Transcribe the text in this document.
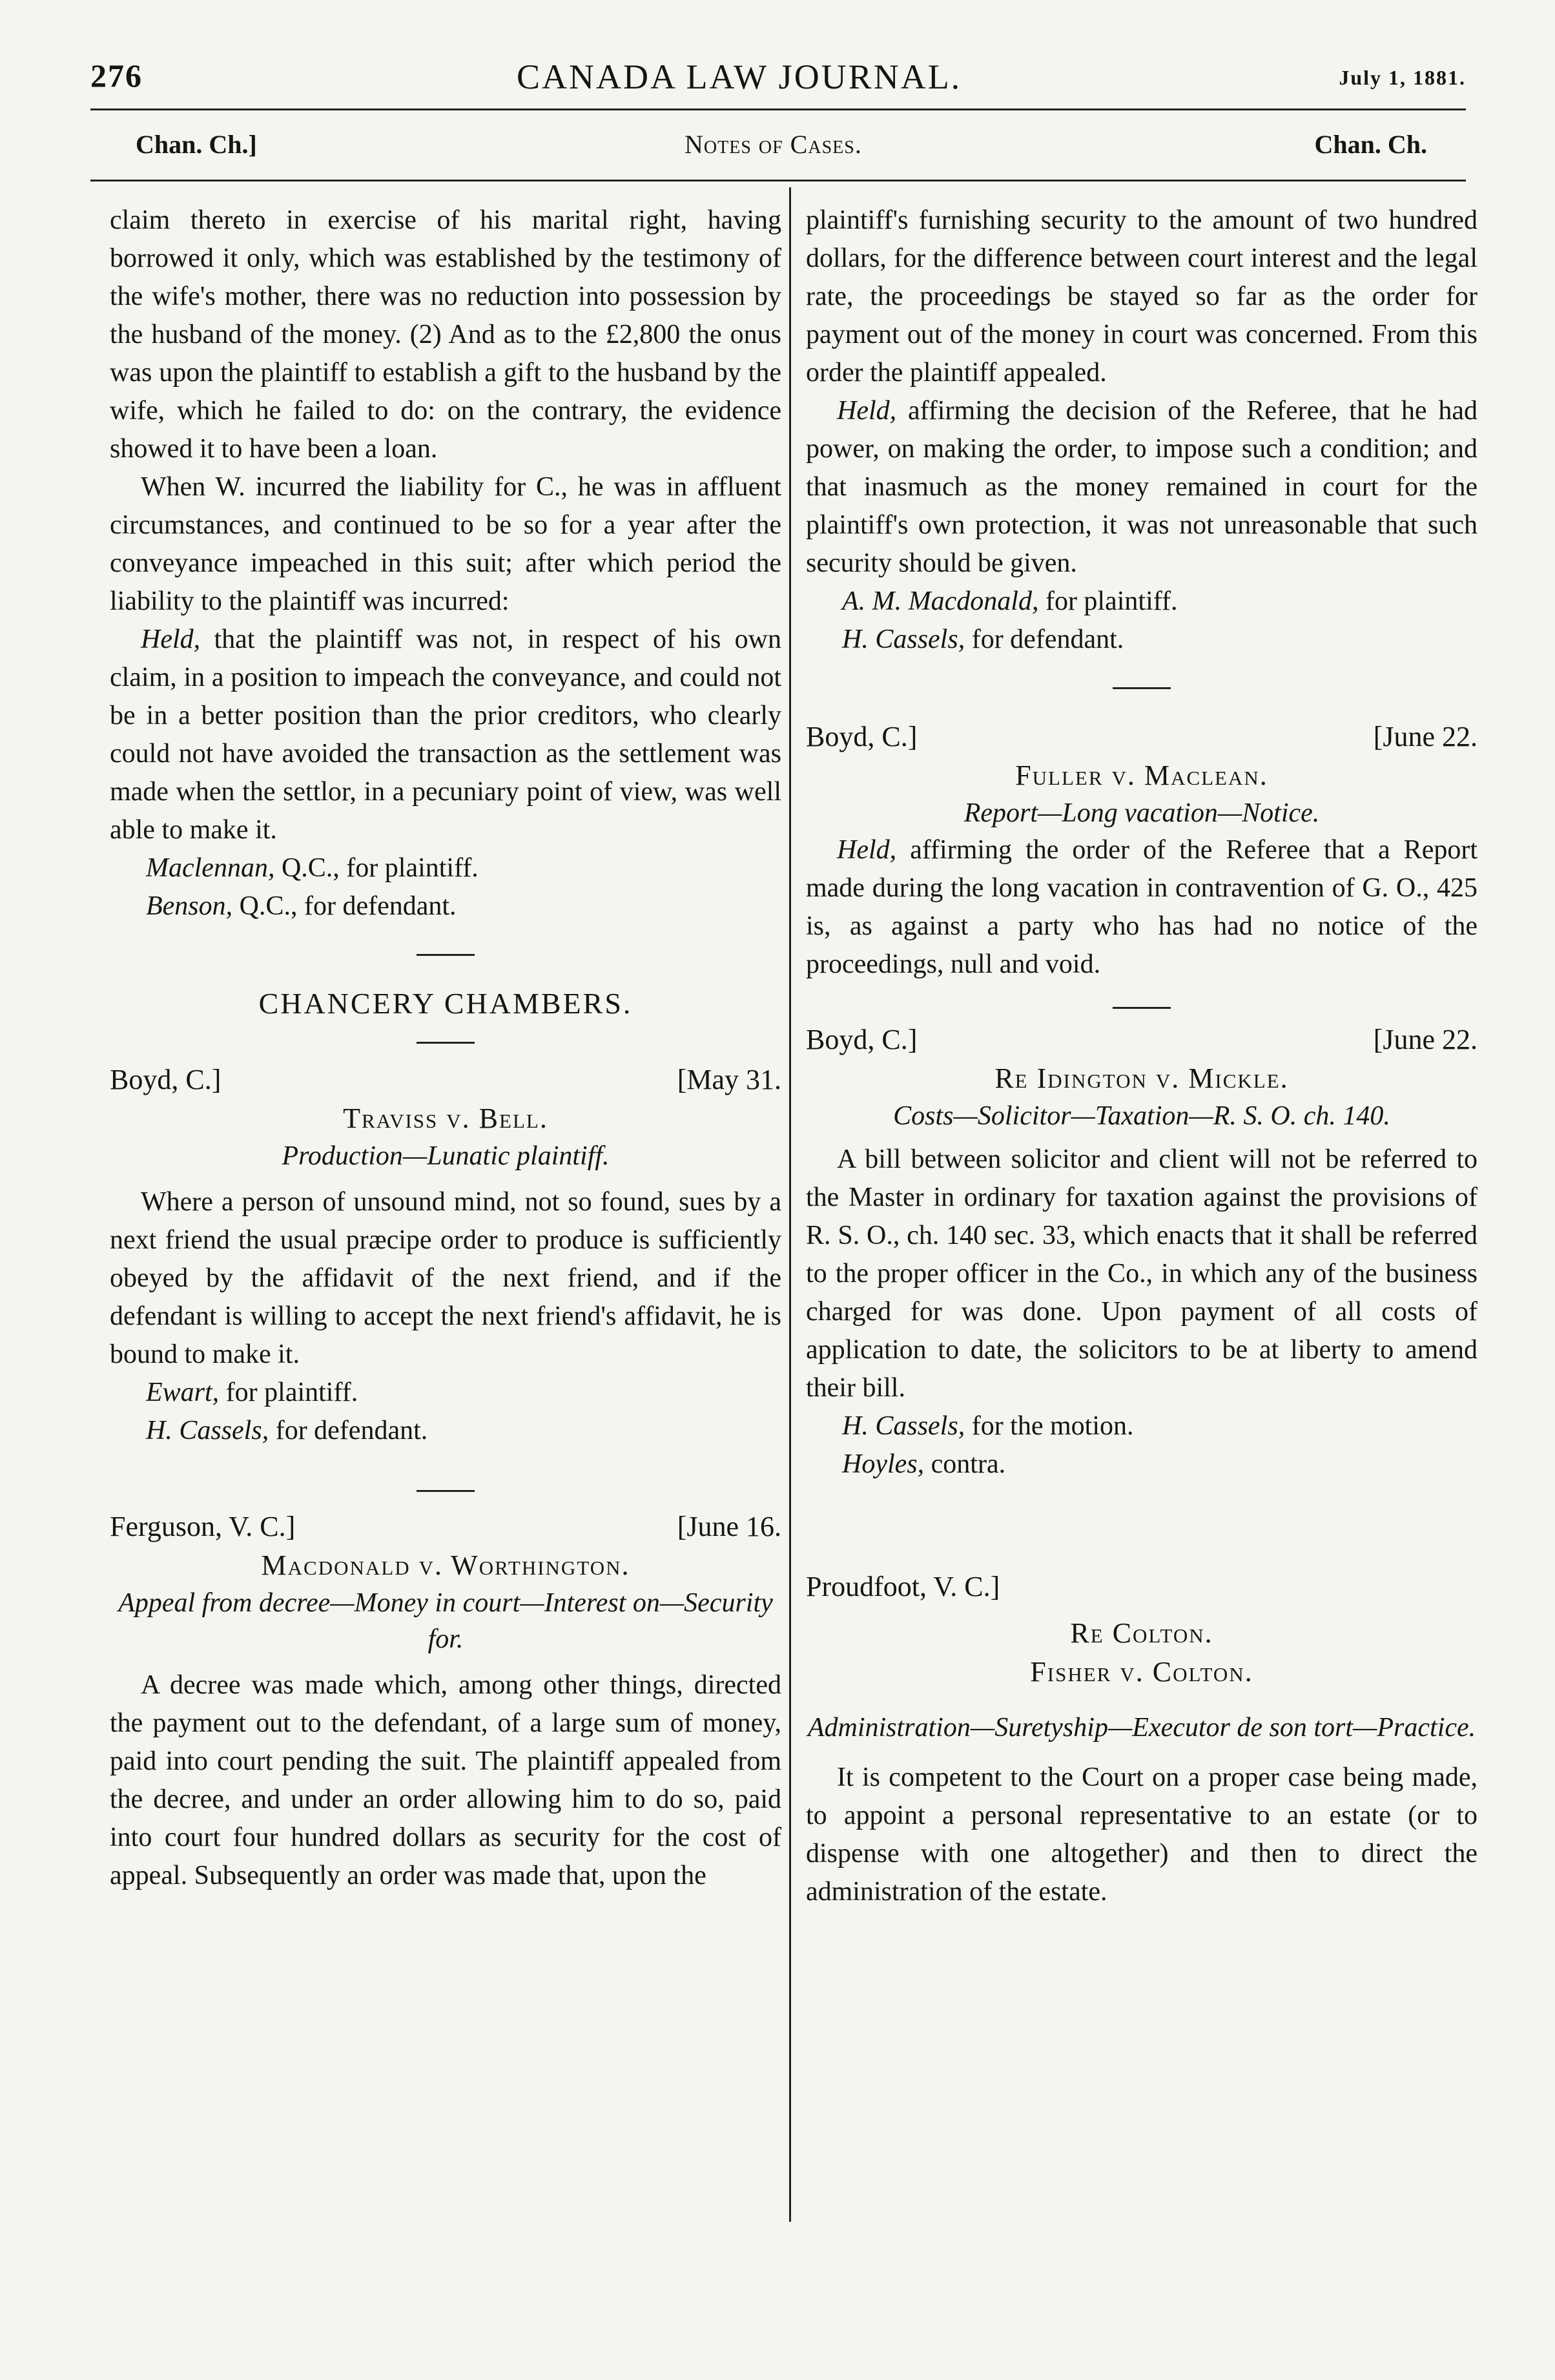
276	CANADA LAW JOURNAL.	July 1, 1881.
Chan. Ch.]	Notes of Cases.	Chan. Ch.

claim thereto in exercise of his marital right, having borrowed it only, which was established by the testimony of the wife's mother, there was no reduction into possession by the husband of the money. (2) And as to the £2,800 the onus was upon the plaintiff to establish a gift to the husband by the wife, which he failed to do: on the contrary, the evidence showed it to have been a loan.

When W. incurred the liability for C., he was in affluent circumstances, and continued to be so for a year after the conveyance impeached in this suit; after which period the liability to the plaintiff was incurred:

Held, that the plaintiff was not, in respect of his own claim, in a position to impeach the conveyance, and could not be in a better position than the prior creditors, who clearly could not have avoided the transaction as the settlement was made when the settlor, in a pecuniary point of view, was well able to make it.

Maclennan, Q.C., for plaintiff.

Benson, Q.C., for defendant.

CHANCERY CHAMBERS.
Boyd, C.]	[May 31.
Traviss v. Bell.
Production—Lunatic plaintiff.

Where a person of unsound mind, not so found, sues by a next friend the usual præcipe order to produce is sufficiently obeyed by the affidavit of the next friend, and if the defendant is willing to accept the next friend's affidavit, he is bound to make it.

Ewart, for plaintiff.

H. Cassels, for defendant.

Ferguson, V. C.]	[June 16.
Macdonald v. Worthington.
Appeal from decree—Money in court—Interest on—Security for.

A decree was made which, among other things, directed the payment out to the defendant, of a large sum of money, paid into court pending the suit. The plaintiff appealed from the decree, and under an order allowing him to do so, paid into court four hundred dollars as security for the cost of appeal. Subsequently an order was made that, upon the

plaintiff's furnishing security to the amount of two hundred dollars, for the difference between court interest and the legal rate, the proceedings be stayed so far as the order for payment out of the money in court was concerned. From this order the plaintiff appealed.

Held, affirming the decision of the Referee, that he had power, on making the order, to impose such a condition; and that inasmuch as the money remained in court for the plaintiff's own protection, it was not unreasonable that such security should be given.

A. M. Macdonald, for plaintiff.

H. Cassels, for defendant.

Boyd, C.]	[June 22.
Fuller v. Maclean.
Report—Long vacation—Notice.

Held, affirming the order of the Referee that a Report made during the long vacation in contravention of G. O., 425 is, as against a party who has had no notice of the proceedings, null and void.

Boyd, C.]	[June 22.
Re Idington v. Mickle.
Costs—Solicitor—Taxation—R. S. O. ch. 140.

A bill between solicitor and client will not be referred to the Master in ordinary for taxation against the provisions of R. S. O., ch. 140 sec. 33, which enacts that it shall be referred to the proper officer in the Co., in which any of the business charged for was done. Upon payment of all costs of application to date, the solicitors to be at liberty to amend their bill.

H. Cassels, for the motion.

Hoyles, contra.

Proudfoot, V. C.]
Re Colton.
Fisher v. Colton.
Administration—Suretyship—Executor de son tort—Practice.

It is competent to the Court on a proper case being made, to appoint a personal representative to an estate (or to dispense with one altogether) and then to direct the administration of the estate.
